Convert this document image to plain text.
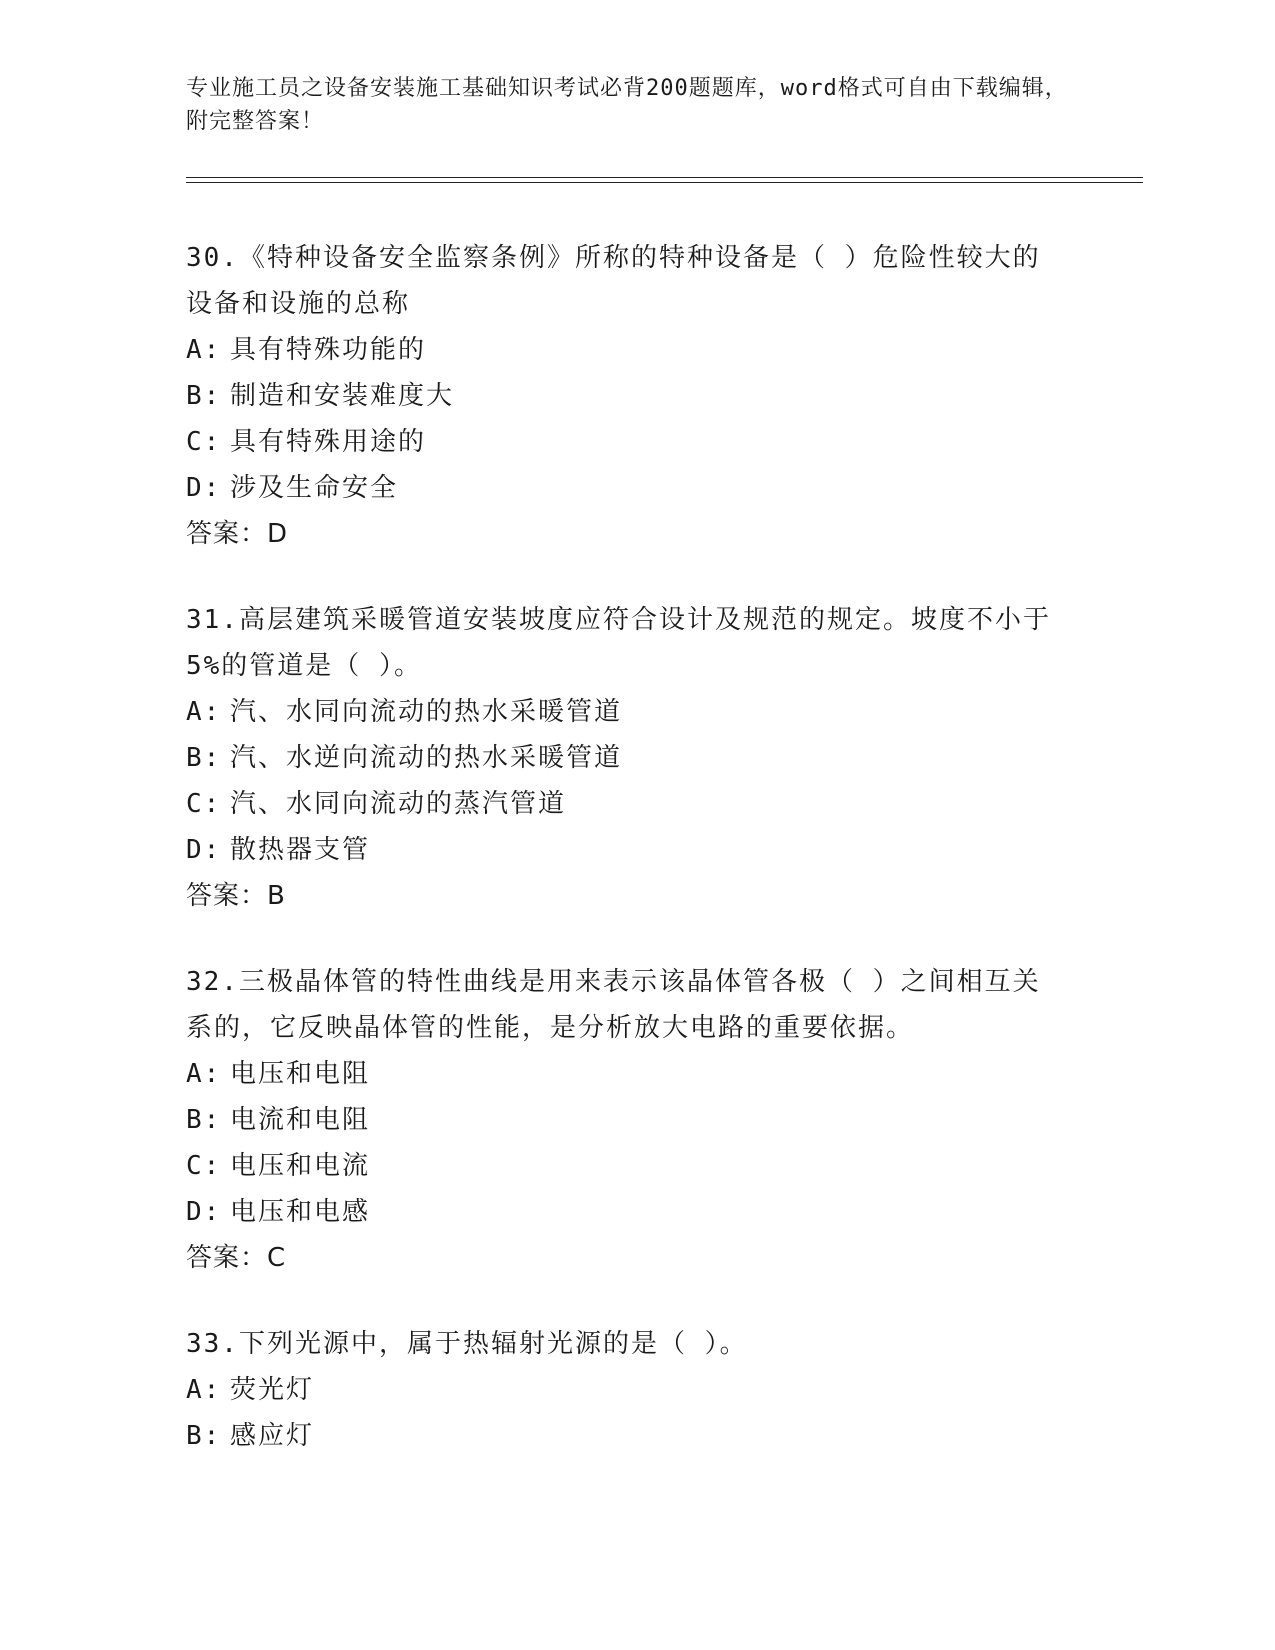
专业施工员之设备安装施工基础知识考试必背200题题库，word格式可自由下载编辑，附完整答案！

30.《特种设备安全监察条例》所称的特种设备是（ ）危险性较大的设备和设施的总称

A: 具有特殊功能的

B: 制造和安装难度大

C: 具有特殊用途的

D: 涉及生命安全

答案：D

31.高层建筑采暖管道安装坡度应符合设计及规范的规定。坡度不小于5%的管道是（ ）。

A: 汽、水同向流动的热水采暖管道

B: 汽、水逆向流动的热水采暖管道

C: 汽、水同向流动的蒸汽管道

D: 散热器支管

答案：B

32.三极晶体管的特性曲线是用来表示该晶体管各极（ ）之间相互关系的，它反映晶体管的性能，是分析放大电路的重要依据。

A: 电压和电阻

B: 电流和电阻

C: 电压和电流

D: 电压和电感

答案：C

33.下列光源中，属于热辐射光源的是（ ）。

A: 荧光灯

B: 感应灯
